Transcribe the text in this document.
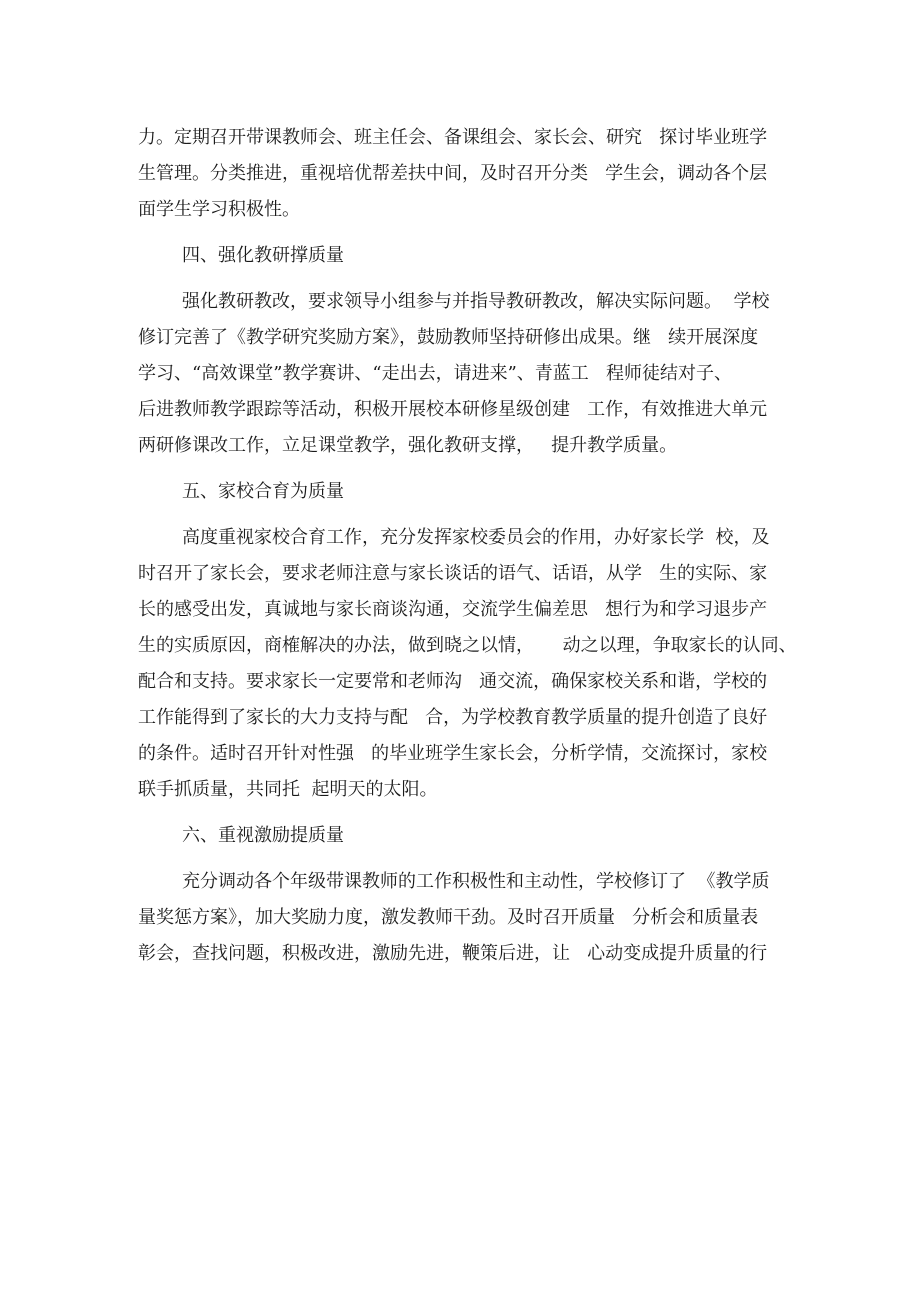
力。定期召开带课教师会、班主任会、备课组会、家长会、研究   探讨毕业班学

生管理。分类推进，重视培优帮差扶中间，及时召开分类   学生会，调动各个层

面学生学习积极性。

四、强化教研撑质量

强化教研教改，要求领导小组参与并指导教研教改，解决实际问题。  学校

修订完善了《教学研究奖励方案》，鼓励教师坚持研修出成果。继   续开展深度

学习、“高效课堂”教学赛讲、“走出去，请进来”、青蓝工   程师徒结对子、

后进教师教学跟踪等活动，积极开展校本研修星级创建   工作，有效推进大单元

两研修课改工作，立足课堂教学，强化教研支撑，   提升教学质量。

五、家校合育为质量

高度重视家校合育工作，充分发挥家校委员会的作用，办好家长学  校，及

时召开了家长会，要求老师注意与家长谈话的语气、话语，从学   生的实际、家

长的感受出发，真诚地与家长商谈沟通，交流学生偏差思   想行为和学习退步产

生的实质原因，商榷解决的办法，做到晓之以情，     动之以理，争取家长的认同、

配合和支持。要求家长一定要常和老师沟   通交流，确保家校关系和谐，学校的

工作能得到了家长的大力支持与配   合，为学校教育教学质量的提升创造了良好

的条件。适时召开针对性强   的毕业班学生家长会，分析学情，交流探讨，家校

联手抓质量，共同托  起明天的太阳。

六、重视激励提质量

充分调动各个年级带课教师的工作积极性和主动性，学校修订了  《教学质

量奖惩方案》，加大奖励力度，激发教师干劲。及时召开质量   分析会和质量表

彰会，查找问题，积极改进，激励先进，鞭策后进，让   心动变成提升质量的行
